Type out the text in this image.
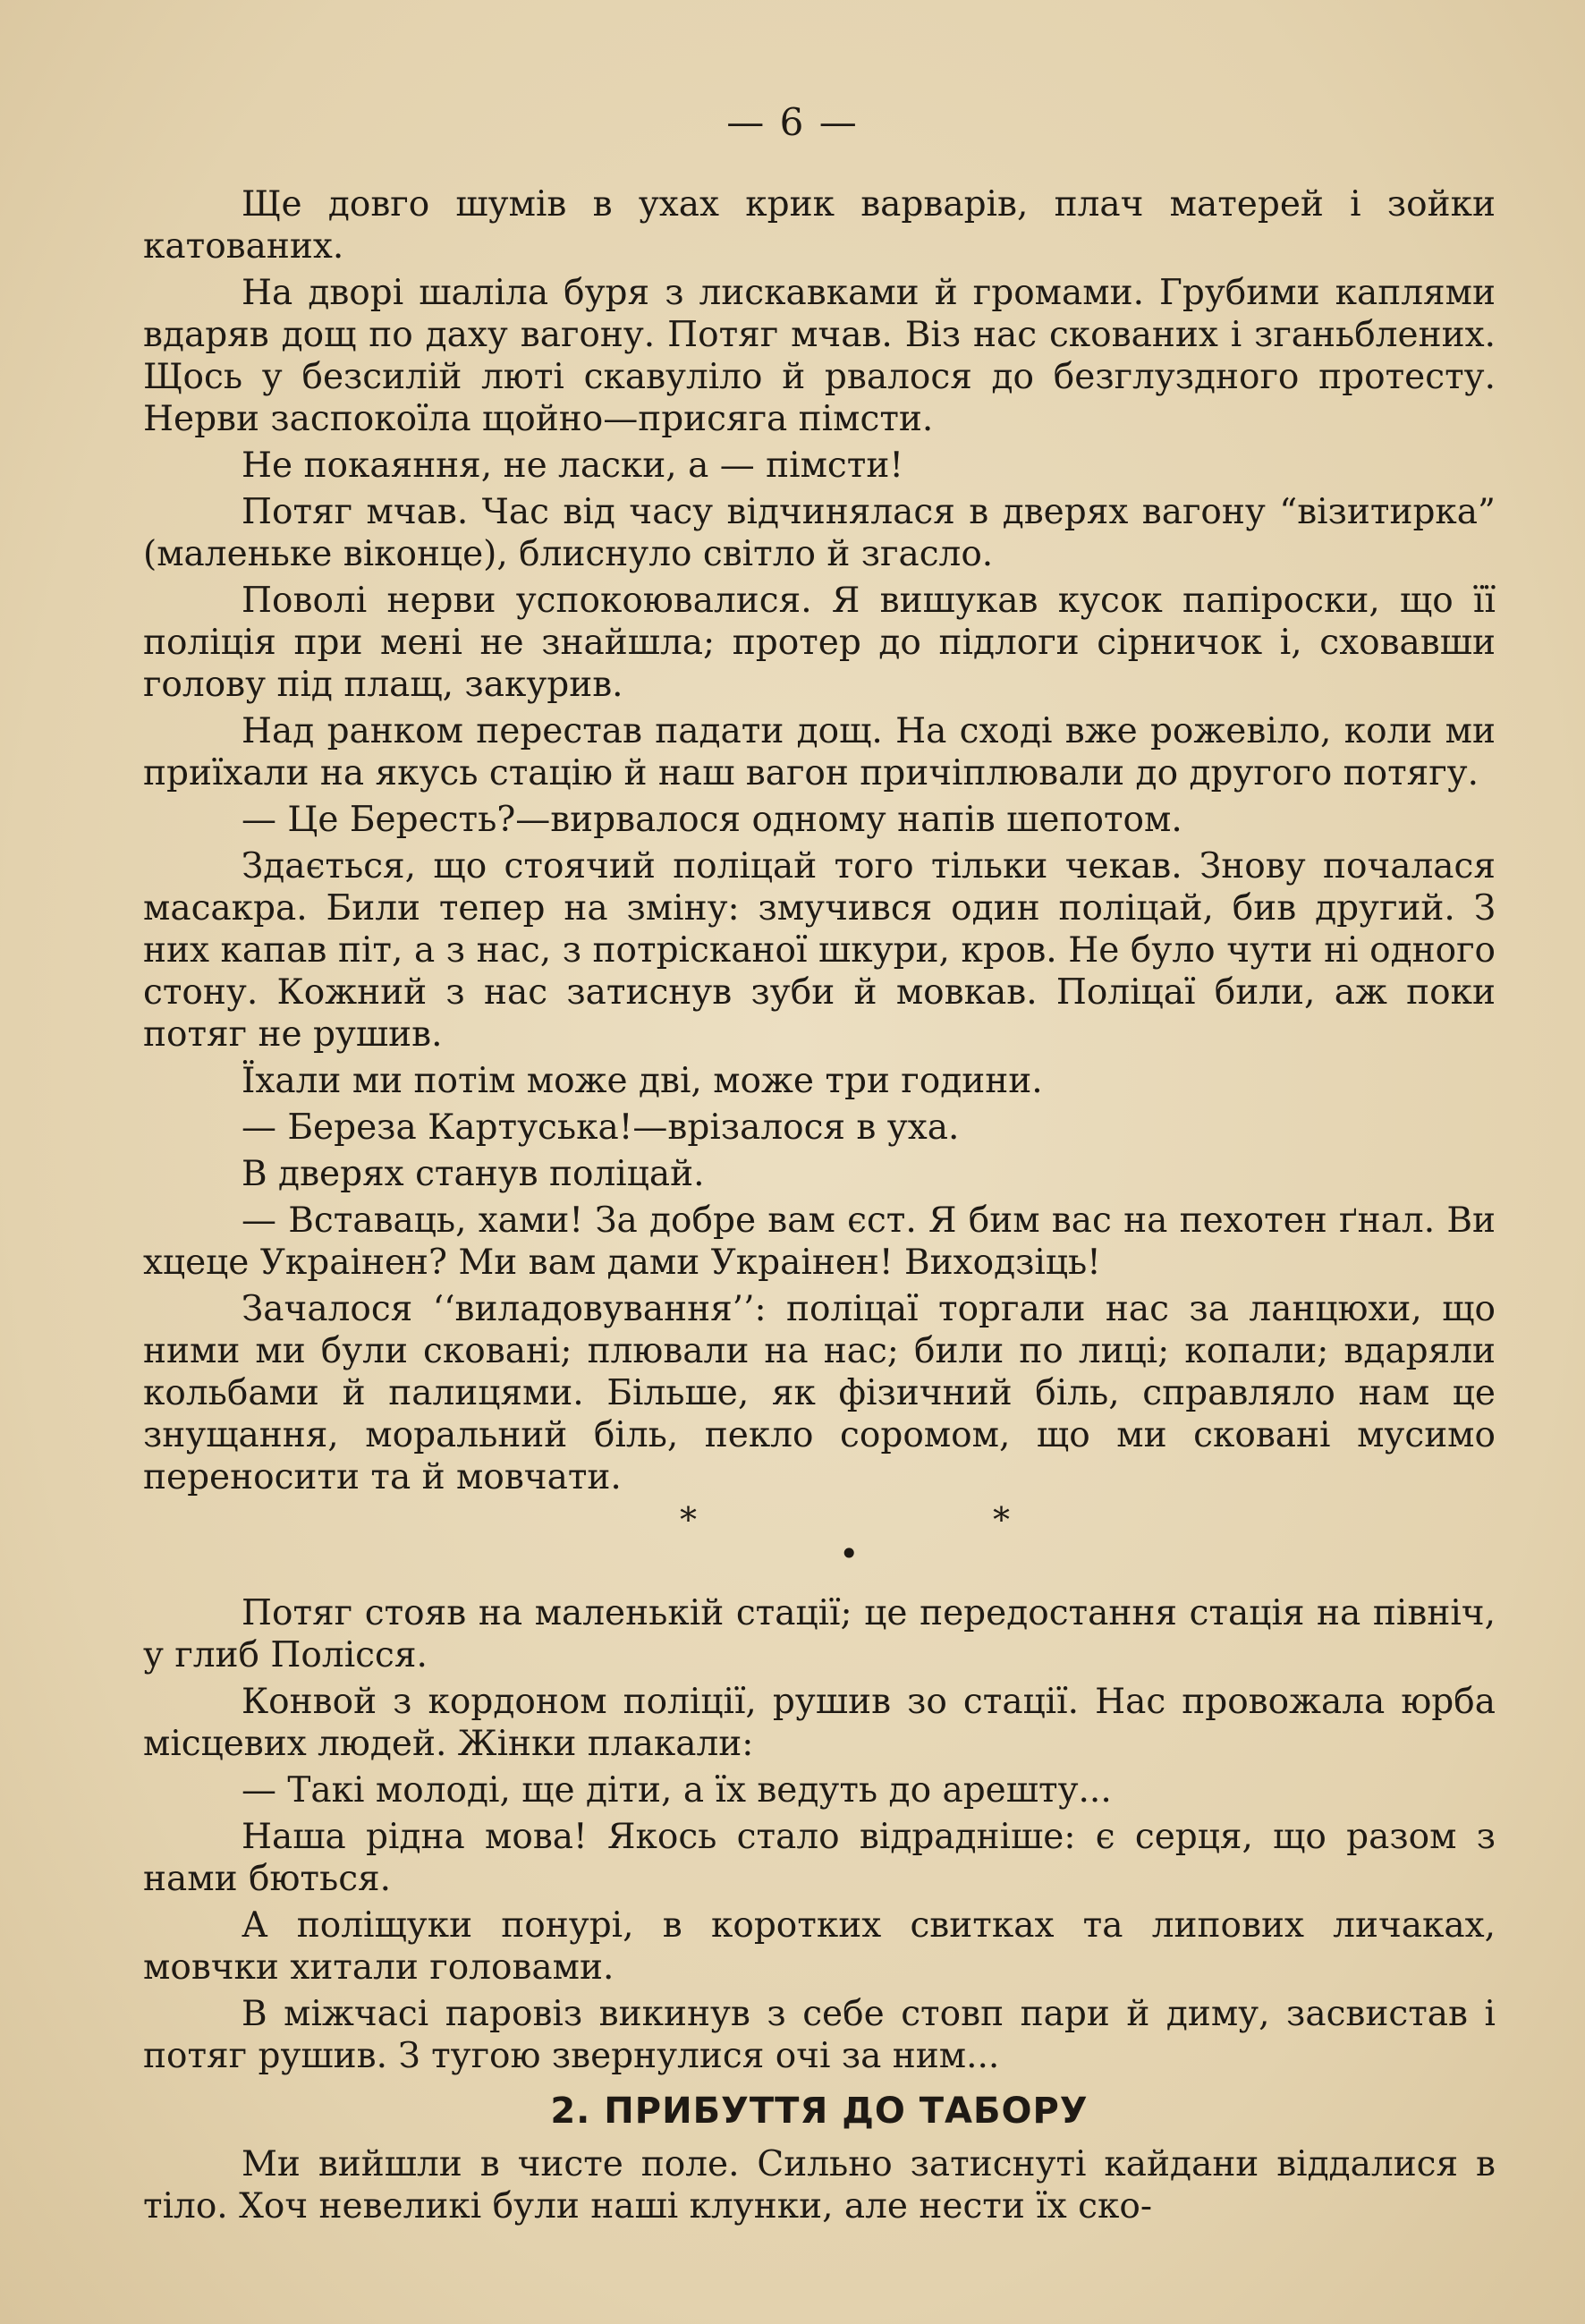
— 6 —

Ще довго шумів в ухах крик варварів, плач матерей і зойки катованих.

На дворі шаліла буря з лискавками й громами. Грубими каплями вдаряв дощ по даху вагону. Потяг мчав. Віз нас скованих і зганьблених. Щось у безсилій люті скавуліло й рвалося до безглуздного протесту. Нерви заспокоїла щойно—присяга пімсти.

Не покаяння, не ласки, а — пімсти!

Потяг мчав. Час від часу відчинялася в дверях вагону “візитирка” (маленьке віконце), блиснуло світло й згасло.

Поволі нерви успокоювалися. Я вишукав кусок папіроски, що її поліція при мені не знайшла; протер до підлоги сірничок і, сховавши голову під плащ, закурив.

Над ранком перестав падати дощ. На сході вже рожевіло, коли ми приїхали на якусь стацію й наш вагон причіплювали до другого потягу.

— Це Бересть?—вирвалося одному напів шепотом.

Здається, що стоячий поліцай того тільки чекав. Знову почалася масакра. Били тепер на зміну: змучився один поліцай, бив другий. З них капав піт, а з нас, з потрісканої шкури, кров. Не було чути ні одного стону. Кожний з нас затиснув зуби й мовкав. Поліцаї били, аж поки потяг не рушив.

Їхали ми потім може дві, може три години.

— Береза Картуська!—врізалося в уха.

В дверях станув поліцай.

— Вставаць, хами! За добре вам єст. Я бим вас на пехотен ґнал. Ви хцеце Украінен? Ми вам дами Украінен! Виходзіць!

Зачалося ‘‘виладовування’’: поліцаї торгали нас за ланцюхи, що ними ми були сковані; плювали на нас; били по лиці; копали; вдаряли кольбами й палицями. Більше, як фізичний біль, справляло нам це знущання, моральний біль, пекло соромом, що ми сковані мусимо переносити та й мовчати.

*	*
•

Потяг стояв на маленькій стації; це передостання стація на північ, у глиб Полісся.

Конвой з кордоном поліції, рушив зо стації. Нас провожала юрба місцевих людей. Жінки плакали:

— Такі молоді, ще діти, а їх ведуть до арешту...

Наша рідна мова! Якось стало відрадніше: є серця, що разом з нами бються.

А поліщуки понурі, в коротких свитках та липових личаках, мовчки хитали головами.

В міжчасі паровіз викинув з себе стовп пари й диму, засвистав і потяг рушив. З тугою звернулися очі за ним...

2. ПРИБУТТЯ ДО ТАБОРУ

Ми вийшли в чисте поле. Сильно затиснуті кайдани віддалися в тіло. Хоч невеликі були наші клунки, але нести їх ско-
